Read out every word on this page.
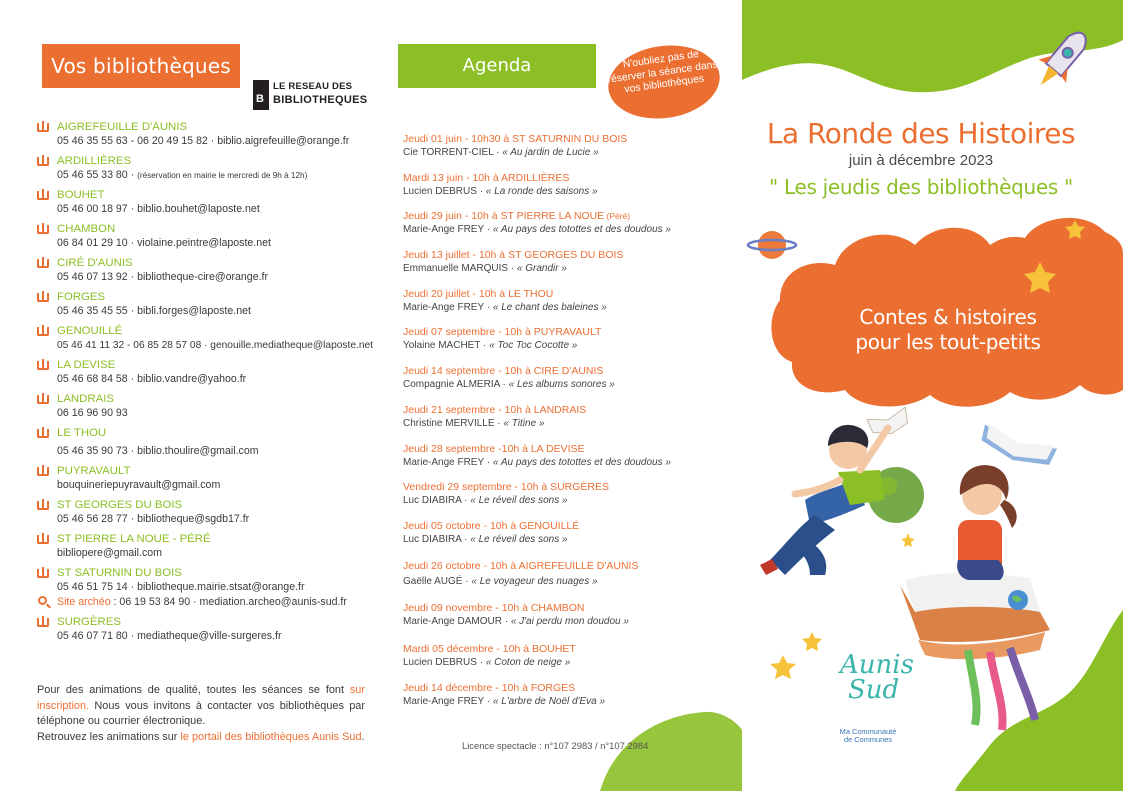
Vos bibliothèques
B
LE RESEAU DES
BIBLIOTHEQUES
AIGREFEUILLE D'AUNIS
05 46 35 55 63 - 06 20 49 15 82 · biblio.aigrefeuille@orange.fr
ARDILLIÈRES
05 46 55 33 80 · (réservation en mairie le mercredi de 9h à 12h)
BOUHET
05 46 00 18 97 · biblio.bouhet@laposte.net
CHAMBON
06 84 01 29 10 · violaine.peintre@laposte.net
CIRÉ D'AUNIS
05 46 07 13 92 · bibliotheque-cire@orange.fr
FORGES
05 46 35 45 55 · bibli.forges@laposte.net
GENOUILLÉ
05 46 41 11 32 - 06 85 28 57 08 · genouille.mediatheque@laposte.net
LA DEVISE
05 46 68 84 58 · biblio.vandre@yahoo.fr
LANDRAIS
06 16 96 90 93
LE THOU
05 46 35 90 73 · biblio.thoulire@gmail.com
PUYRAVAULT
bouquineriepuyravault@gmail.com
ST GEORGES DU BOIS
05 46 56 28 77 · bibliotheque@sgdb17.fr
ST PIERRE LA NOUE - PÉRÉ
bibliopere@gmail.com
ST SATURNIN DU BOIS
05 46 51 75 14 · bibliotheque.mairie.stsat@orange.fr
Site archéo : 06 19 53 84 90 · mediation.archeo@aunis-sud.fr
SURGÈRES
05 46 07 71 80 · mediatheque@ville-surgeres.fr
Pour des animations de qualité, toutes les séances se font sur inscription. Nous vous invitons à contacter vos bibliothèques par téléphone ou courrier électronique.
Retrouvez les animations sur le portail des bibliothèques Aunis Sud.
Agenda	N'oubliez pas de réserver la séance dans vos bibliothèques
Jeudi 01 juin - 10h30 à ST SATURNIN DU BOIS
Cie TORRENT-CIEL · « Au jardin de Lucie »
Mardi 13 juin - 10h à ARDILLIÈRES
Lucien DEBRUS · « La ronde des saisons »
Jeudi 29 juin - 10h à ST PIERRE LA NOUE (Péré)
Marie-Ange FREY · « Au pays des totottes et des doudous »
Jeudi 13 juillet - 10h à ST GEORGES DU BOIS
Emmanuelle MARQUIS · « Grandir »
Jeudi 20 juillet - 10h à LE THOU
Marie-Ange FREY · « Le chant des baleines »
Jeudi 07 septembre - 10h à PUYRAVAULT
Yolaine MACHET · « Toc Toc Cocotte »
Jeudi 14 septembre - 10h à CIRE D'AUNIS
Compagnie ALMERIA · « Les albums sonores »
Jeudi 21 septembre - 10h à LANDRAIS
Christine MERVILLE · « Titine »
Jeudi 28 septembre -10h à LA DEVISE
Marie-Ange FREY · « Au pays des totottes et des doudous »
Vendredi 29 septembre - 10h à SURGÈRES
Luc DIABIRA · « Le réveil des sons »
Jeudi 05 octobre - 10h à GENOUILLÉ
Luc DIABIRA · « Le réveil des sons »
Jeudi 26 octobre - 10h à AIGREFEUILLE D'AUNIS
Gaëlle AUGÉ · « Le voyageur des nuages »
Jeudi 09 novembre - 10h à CHAMBON
Marie-Ange DAMOUR · « J'ai perdu mon doudou »
Mardi 05 décembre - 10h à BOUHET
Lucien DEBRUS · « Coton de neige »
Jeudi 14 décembre - 10h à FORGES
Marie-Ange FREY · « L'arbre de Noël d'Eva »
Licence spectacle : n°107 2983 / n°107 2984
La Ronde des Histoires
juin à décembre 2023
" Les jeudis des bibliothèques "
Contes & histoires
pour les tout-petits
Aunis
Sud
Ma Communauté
de Communes
